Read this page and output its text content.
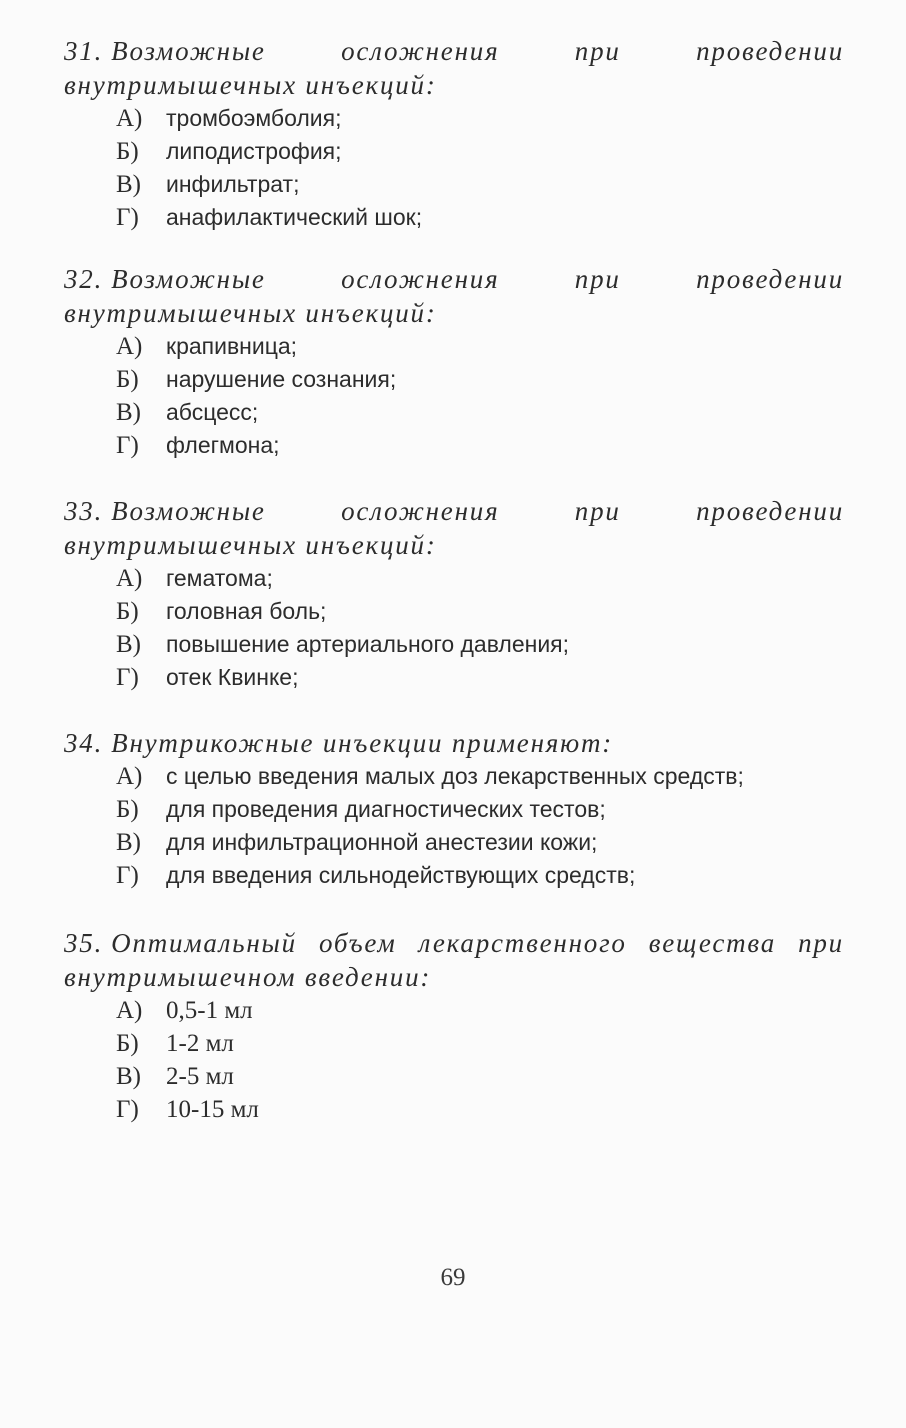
31. Возможные осложнения при проведении внутримышечных инъекций:

А)	тромбоэмболия;
Б)	липодистрофия;
В)	инфильтрат;
Г)	анафилактический шок;

32. Возможные осложнения при проведении внутримышечных инъекций:

А)	крапивница;
Б)	нарушение сознания;
В)	абсцесс;
Г)	флегмона;

33. Возможные осложнения при проведении внутримышечных инъекций:

А)	гематома;
Б)	головная боль;
В)	повышение артериального давления;
Г)	отек Квинке;

34. Внутрикожные инъекции применяют:

А)	с целью введения малых доз лекарственных средств;
Б)	для проведения диагностических тестов;
В)	для инфильтрационной анестезии кожи;
Г)	для введения сильнодействующих средств;

35. Оптимальный объем лекарственного вещества при внутримышечном введении:

А) 0,5-1 мл
Б)	1-2 мл
В)	2-5 мл
Г)	10-15 мл
69
